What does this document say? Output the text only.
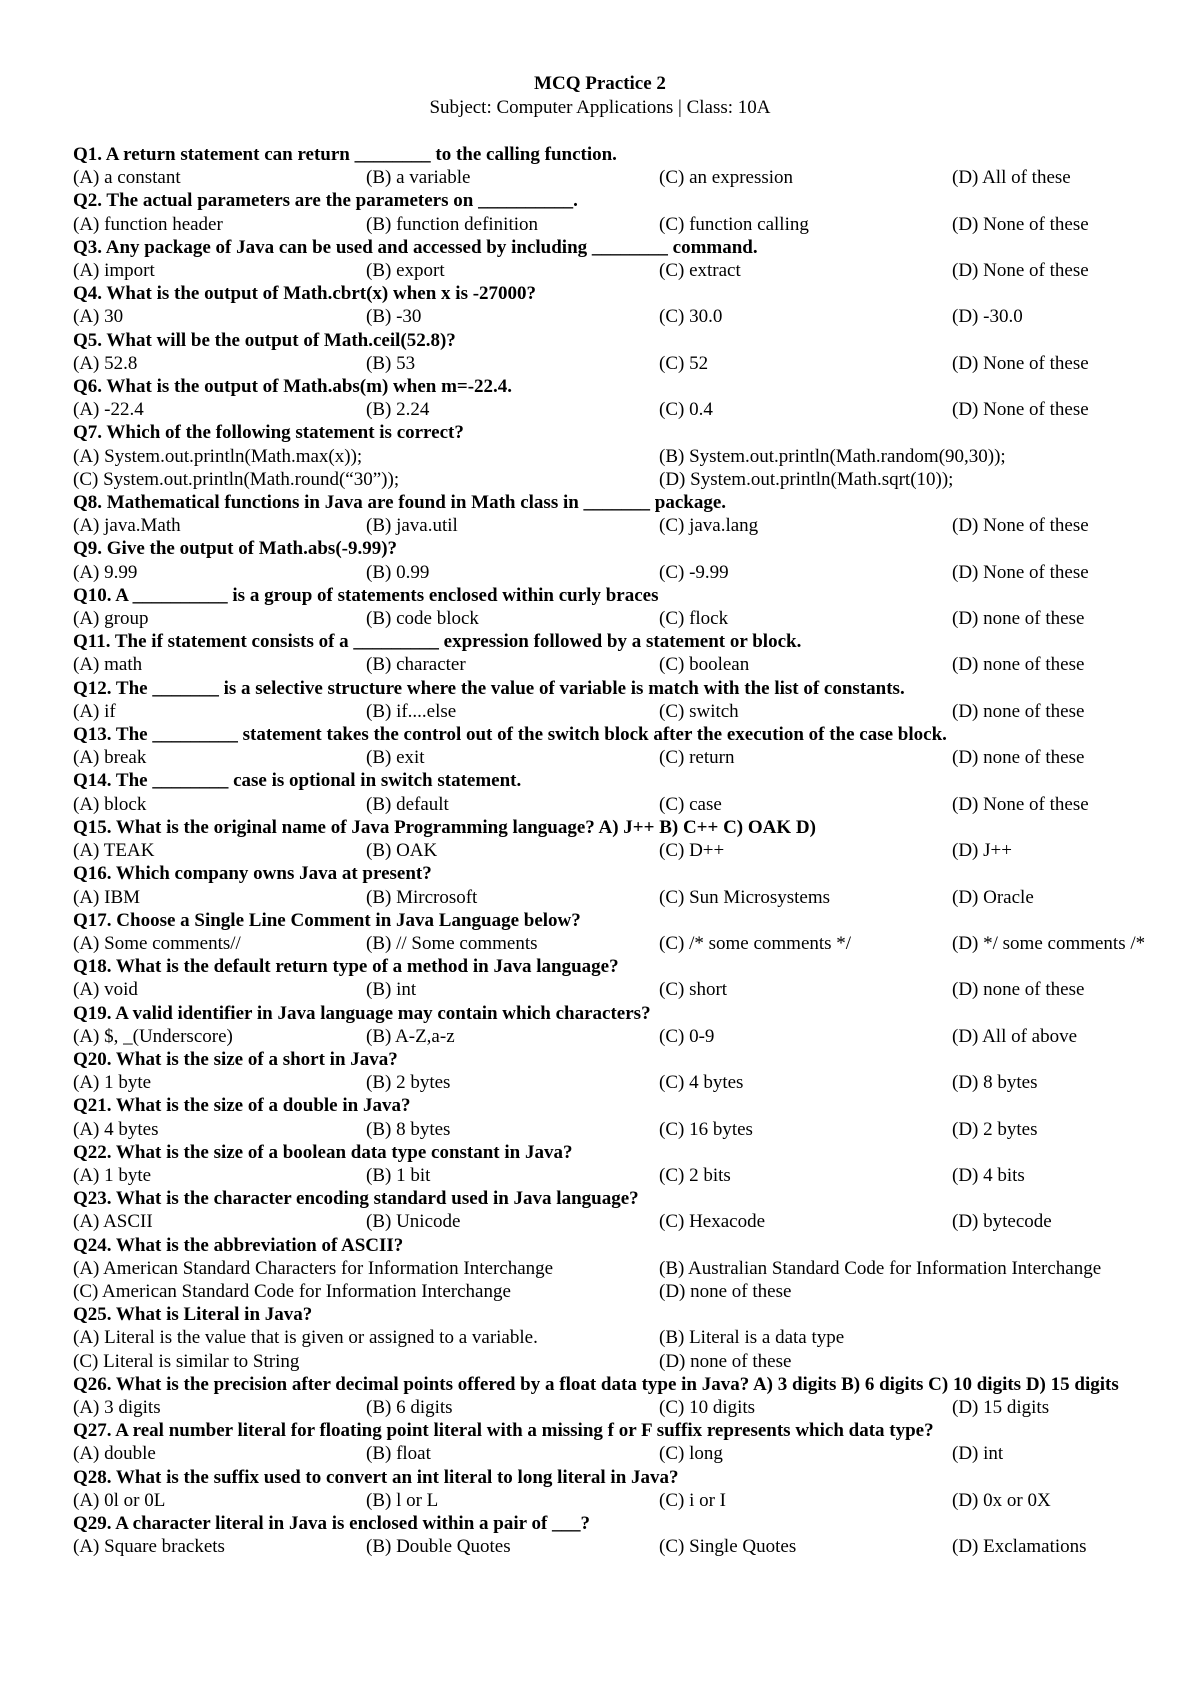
MCQ Practice 2
Subject: Computer Applications | Class: 10A
Q1. A return statement can return ________ to the calling function.
(A) a constant	(B) a variable	(C) an expression	(D) All of these
Q2. The actual parameters are the parameters on __________.
(A) function header	(B) function definition	(C) function calling	(D) None of these
Q3. Any package of Java can be used and accessed by including ________ command.
(A) import	(B) export	(C) extract	(D) None of these
Q4. What is the output of Math.cbrt(x) when x is -27000?
(A) 30	(B) -30	(C) 30.0	(D) -30.0
Q5. What will be the output of Math.ceil(52.8)?
(A) 52.8	(B) 53	(C) 52	(D) None of these
Q6. What is the output of Math.abs(m) when m=-22.4.
(A) -22.4	(B) 2.24	(C) 0.4	(D) None of these
Q7. Which of the following statement is correct?
(A) System.out.println(Math.max(x));	(B) System.out.println(Math.random(90,30));
(C) System.out.println(Math.round(“30”));	(D) System.out.println(Math.sqrt(10));
Q8. Mathematical functions in Java are found in Math class in _______ package.
(A) java.Math	(B) java.util	(C) java.lang	(D) None of these
Q9. Give the output of Math.abs(-9.99)?
(A) 9.99	(B) 0.99	(C) -9.99	(D) None of these
Q10. A __________ is a group of statements enclosed within curly braces
(A) group	(B) code block	(C) flock	(D) none of these
Q11. The if statement consists of a _________ expression followed by a statement or block.
(A) math	(B) character	(C) boolean	(D) none of these
Q12. The _______ is a selective structure where the value of variable is match with the list of constants.
(A) if	(B) if....else	(C) switch	(D) none of these
Q13. The _________ statement takes the control out of the switch block after the execution of the case block.
(A) break	(B) exit	(C) return	(D) none of these
Q14. The ________ case is optional in switch statement.
(A) block	(B) default	(C) case	(D) None of these
Q15. What is the original name of Java Programming language? A) J++ B) C++ C) OAK D)
(A) TEAK	(B) OAK	(C) D++	(D) J++
Q16. Which company owns Java at present?
(A) IBM	(B) Mircrosoft	(C) Sun Microsystems	(D) Oracle
Q17. Choose a Single Line Comment in Java Language below?
(A) Some comments//	(B) // Some comments	(C) /* some comments */	(D) */ some comments /*
Q18. What is the default return type of a method in Java language?
(A) void	(B) int	(C) short	(D) none of these
Q19. A valid identifier in Java language may contain which characters?
(A) $, _(Underscore)	(B) A-Z,a-z	(C) 0-9	(D) All of above
Q20. What is the size of a short in Java?
(A) 1 byte	(B) 2 bytes	(C) 4 bytes	(D) 8 bytes
Q21. What is the size of a double in Java?
(A) 4 bytes	(B) 8 bytes	(C) 16 bytes	(D) 2 bytes
Q22. What is the size of a boolean data type constant in Java?
(A) 1 byte	(B) 1 bit	(C) 2 bits	(D) 4 bits
Q23. What is the character encoding standard used in Java language?
(A) ASCII	(B) Unicode	(C) Hexacode	(D) bytecode
Q24. What is the abbreviation of ASCII?
(A) American Standard Characters for Information Interchange	(B) Australian Standard Code for Information Interchange
(C) American Standard Code for Information Interchange	(D) none of these
Q25. What is Literal in Java?
(A) Literal is the value that is given or assigned to a variable.	(B) Literal is a data type
(C) Literal is similar to String	(D) none of these
Q26. What is the precision after decimal points offered by a float data type in Java? A) 3 digits B) 6 digits C) 10 digits D) 15 digits
(A) 3 digits	(B) 6 digits	(C) 10 digits	(D) 15 digits
Q27. A real number literal for floating point literal with a missing f or F suffix represents which data type?
(A) double	(B) float	(C) long	(D) int
Q28. What is the suffix used to convert an int literal to long literal in Java?
(A) 0l or 0L	(B) l or L	(C) i or I	(D) 0x or 0X
Q29. A character literal in Java is enclosed within a pair of ___?
(A) Square brackets	(B) Double Quotes	(C) Single Quotes	(D) Exclamations
